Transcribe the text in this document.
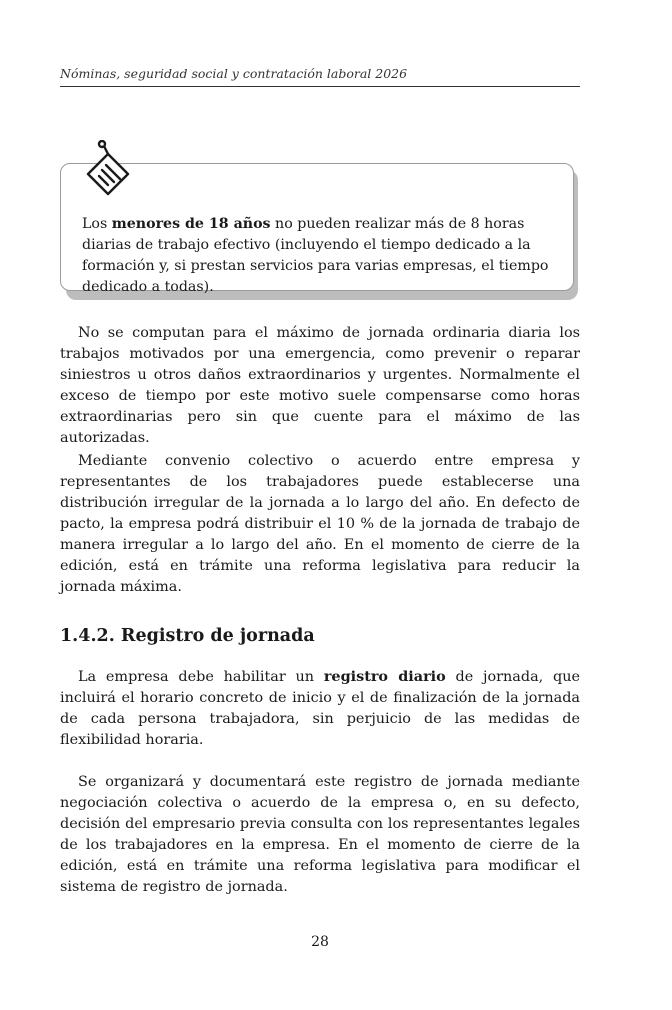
Nóminas, seguridad social y contratación laboral 2026

Los menores de 18 años no pueden realizar más de 8 horas diarias de trabajo efectivo (incluyendo el tiempo dedicado a la formación y, si prestan servicios para varias empresas, el tiempo dedicado a todas).

No se computan para el máximo de jornada ordinaria diaria los trabajos motivados por una emergencia, como prevenir o reparar siniestros u otros daños extraordinarios y urgentes. Normalmente el exceso de tiempo por este motivo suele compensarse como horas extraordinarias pero sin que cuente para el máximo de las autorizadas.

Mediante convenio colectivo o acuerdo entre empresa y representantes de los trabajadores puede establecerse una distribución irregular de la jornada a lo largo del año. En defecto de pacto, la empresa podrá distribuir el 10 % de la jornada de trabajo de manera irregular a lo largo del año. En el momento de cierre de la edición, está en trámite una reforma legislativa para reducir la jornada máxima.

1.4.2. Registro de jornada

La empresa debe habilitar un registro diario de jornada, que incluirá el horario concreto de inicio y el de finalización de la jornada de cada persona trabajadora, sin perjuicio de las medidas de flexibilidad horaria.

Se organizará y documentará este registro de jornada mediante negociación colectiva o acuerdo de la empresa o, en su defecto, decisión del empresario previa consulta con los representantes legales de los trabajadores en la empresa. En el momento de cierre de la edición, está en trámite una reforma legislativa para modificar el sistema de registro de jornada.

28
